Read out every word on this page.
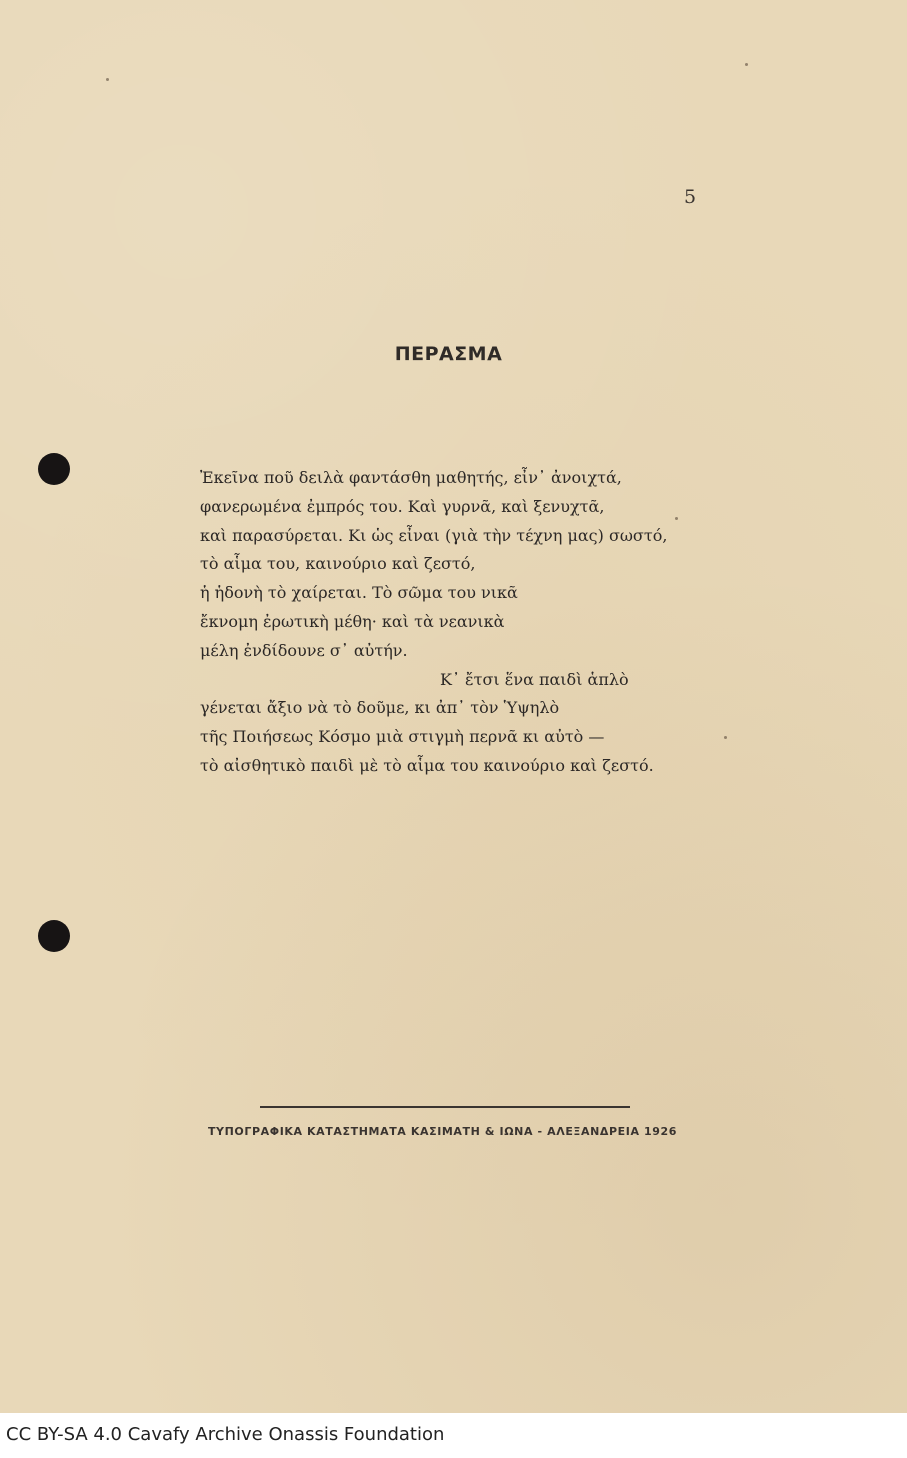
5
ΠΕΡΑΣΜΑ
Ἐκεῖνα ποῦ δειλὰ φαντάσθη μαθητής, εἶν᾿ ἀνοιχτά,
φανερωμένα ἐμπρός του. Καὶ γυρνᾶ, καὶ ξενυχτᾶ,
καὶ παρασύρεται. Κι ὡς εἶναι (γιὰ τὴν τέχνη μας) σωστό,
τὸ αἷμα του, καινούριο καὶ ζεστό,
ἡ ἡδονὴ τὸ χαίρεται. Τὸ σῶμα του νικᾶ
ἔκνομη ἐρωτικὴ μέθη· καὶ τὰ νεανικὰ
μέλη ἐνδίδουνε σ᾿ αὐτήν.
Κ᾿ ἔτσι ἕνα παιδὶ ἁπλὸ
γένεται ἄξιο νὰ τὸ δοῦμε, κι ἀπ᾿ τὸν Ὑψηλὸ
τῆς Ποιήσεως Κόσμο μιὰ στιγμὴ περνᾶ κι αὐτὸ —
τὸ αἰσθητικὸ παιδὶ μὲ τὸ αἷμα του καινούριο καὶ ζεστό.
ΤΥΠΟΓΡΑΦΙΚΑ ΚΑΤΑΣΤΗΜΑΤΑ ΚΑΣΙΜΑΤΗ & ΙΩΝΑ - ΑΛΕΞΑΝΔΡΕΙΑ 1926
CC BY-SA 4.0 Cavafy Archive Onassis Foundation
